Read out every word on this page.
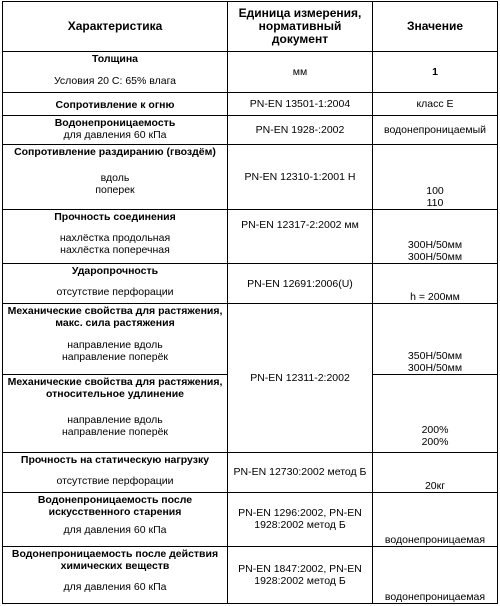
Характеристика	Единица измерения, нормативный документ	Значение

Толщина
Условия 20 С: 65% влага	мм	1

Сопротивление к огню	PN-EN 13501-1:2004	класс Е

Водонепроницаемость
для давления 60 кПа	PN-EN 1928-:2002	водонепроницаемый

Сопротивление раздиранию (гвоздём)
вдоль
поперек	PN-EN 12310-1:2001 Н	100
110

Прочность соединения
нахлёстка продольная
нахлёстка поперечная	PN-EN 12317-2:2002 мм	300Н/50мм
300Н/50мм

Ударопрочность
отсутствие перфорации	PN-EN 12691:2006(U)	h = 200мм

Механические свойства для растяжения, макс. сила растяжения
направление вдоль
направление поперёк	PN-EN 12311-2:2002	350Н/50мм
300Н/50мм

Механические свойства для растяжения, относительное удлинение
направление вдоль
направление поперёк		200%
200%

Прочность на статическую нагрузку
отсутствие перфорации	PN-EN 12730:2002 метод Б	20кг

Водонепроницаемость после искусственного старения
для давления 60 кПа	PN-EN 1296:2002, PN-EN 1928:2002 метод Б	водонепроницаемая

Водонепроницаемость после действия химических веществ
для давления 60 кПа	PN-EN 1847:2002, PN-EN 1928:2002 метод Б	водонепроницаемая
